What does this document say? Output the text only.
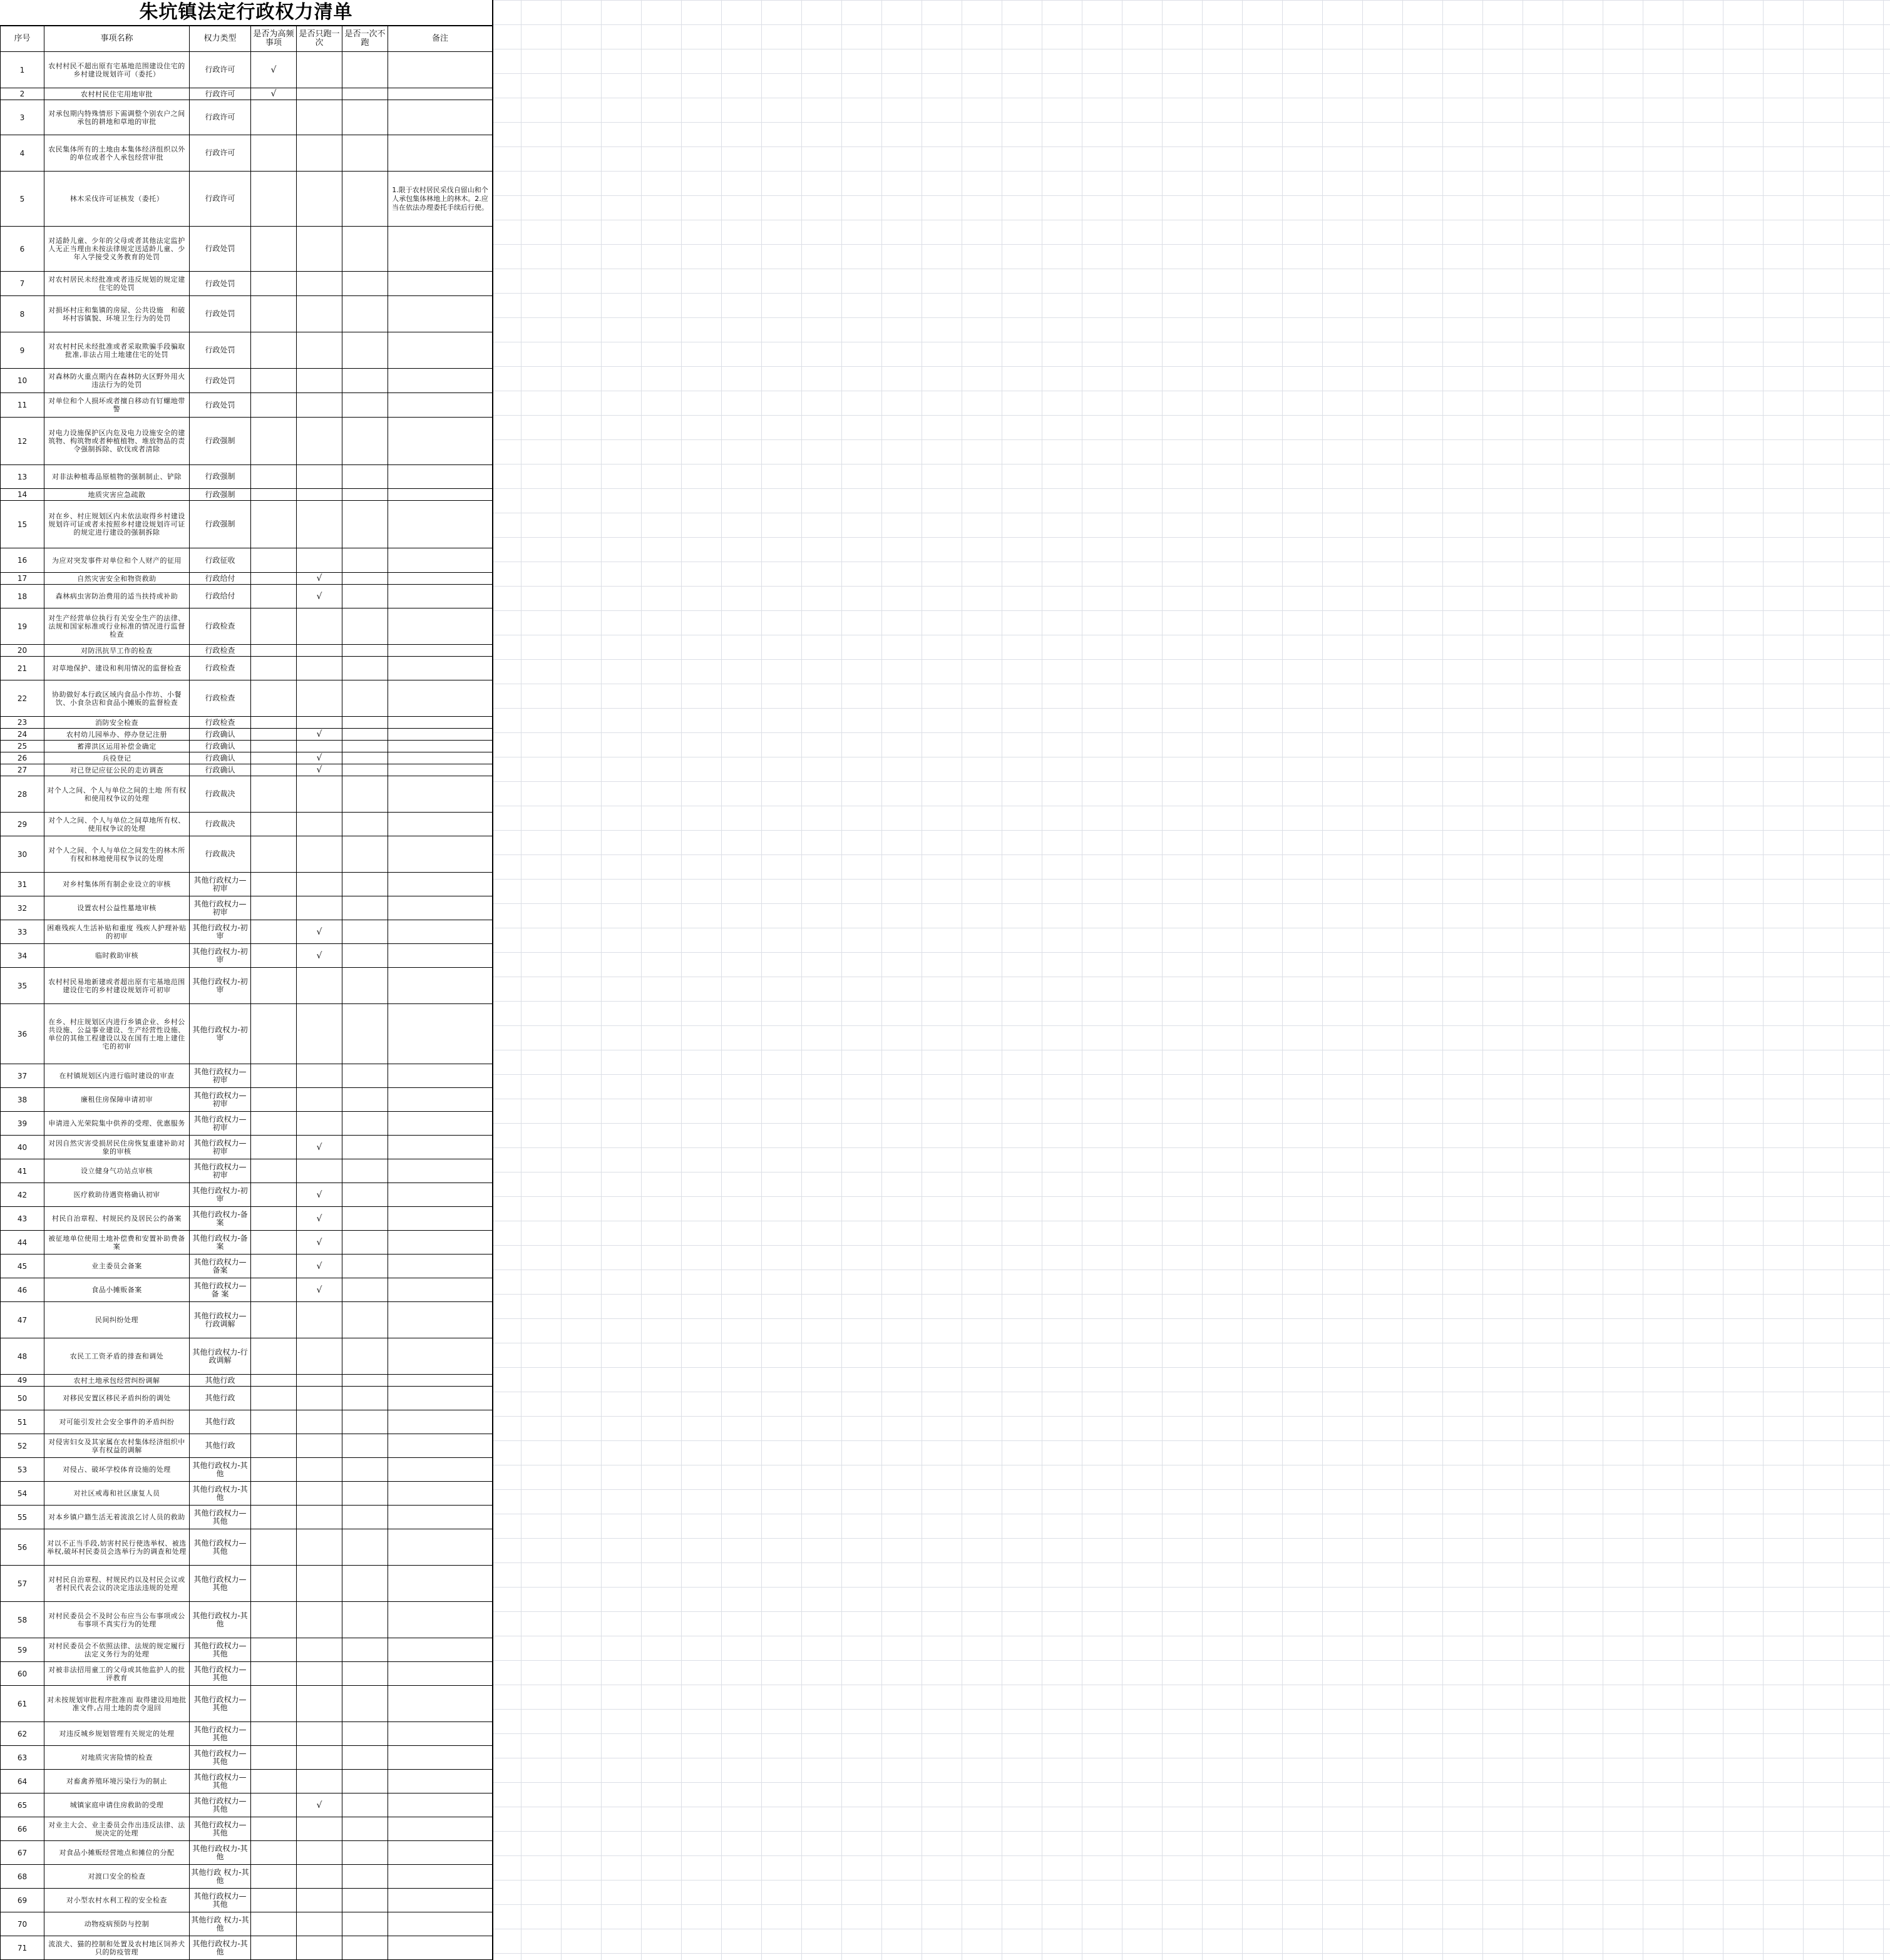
朱坑镇法定行政权力清单
序号	事项名称	权力类型	是否为高频事项	是否只跑一次	是否一次不跑	备注
1	农村村民不超出原有宅基地范围建设住宅的乡村建设规划许可（委托）	行政许可	√			
2	农村村民住宅用地审批	行政许可	√			
3	对承包期内特殊情形下需调整个别农户之间承包的耕地和草地的审批	行政许可				
4	农民集体所有的土地由本集体经济组织以外的单位或者个人承包经营审批	行政许可				
5	林木采伐许可证核发（委托）	行政许可				1.限于农村居民采伐自留山和个人承包集体林地上的林木。2.应当在依法办理委托手续后行使。
6	对适龄儿童、少年的父母或者其他法定监护人无正当理由未按法律规定送适龄儿童、少年入学接受义务教育的处罚	行政处罚				
7	对农村居民未经批准或者违反规划的规定建住宅的处罚	行政处罚				
8	对损坏村庄和集镇的房屋、公共设施　和破坏村容镇貌、环境卫生行为的处罚	行政处罚				
9	对农村村民未经批准或者采取欺骗手段骗取批准,非法占用土地建住宅的处罚	行政处罚				
10	对森林防火重点期内在森林防火区野外用火违法行为的处罚	行政处罚				
11	对单位和个人损坏或者擅自移动有钉螺地带警	行政处罚				
12	对电力设施保护区内危及电力设施安全的建筑物、构筑物或者种植植物、堆放物品的责令强制拆除、砍伐或者清除	行政强制				
13	对非法种植毒品原植物的强制制止、铲除	行政强制				
14	地质灾害应急疏散	行政强制				
15	对在乡、村庄规划区内未依法取得乡村建设规划许可证或者未按照乡村建设规划许可证的规定进行建设的强制拆除	行政强制				
16	为应对突发事件对单位和个人财产的征用	行政征收				
17	自然灾害安全和物资救助	行政给付		√		
18	森林病虫害防治费用的适当扶持或补助	行政给付		√		
19	对生产经营单位执行有关安全生产的法律、法规和国家标准或行业标准的情况进行监督检查	行政检查				
20	对防汛抗旱工作的检查	行政检查				
21	对草地保护、建设和利用情况的监督检查	行政检查				
22	协助做好本行政区域内食品小作坊、小餐饮、小食杂店和食品小摊贩的监督检查	行政检查				
23	消防安全检查	行政检查				
24	农村幼儿园举办、停办登记注册	行政确认		√		
25	蓄滞洪区运用补偿金确定	行政确认				
26	兵役登记	行政确认		√		
27	对已登记应征公民的走访调查	行政确认		√		
28	对个人之间、个人与单位之间的土地 所有权和使用权争议的处理	行政裁决				
29	对个人之间、个人与单位之间草地所有权、使用权争议的处理	行政裁决				
30	对个人之间、个人与单位之间发生的林木所有权和林地使用权争议的处理	行政裁决				
31	对乡村集体所有制企业设立的审核	其他行政权力—初审				
32	设置农村公益性墓地审核	其他行政权力—初审				
33	困难残疾人生活补贴和重度 残疾人护理补贴的初审	其他行政权力-初审		√		
34	临时救助审核	其他行政权力-初审		√		
35	农村村民易地新建或者超出原有宅基地范围建设住宅的乡村建设规划许可初审	其他行政权力-初审				
36	在乡、村庄规划区内进行乡镇企业、乡村公共设施、公益事业建设、生产经营性设施、单位的其他工程建设以及在国有土地上建住宅的初审	其他行政权力-初审				
37	在村镇规划区内进行临时建设的审查	其他行政权力—初审				
38	廉租住房保障申请初审	其他行政权力—初审				
39	申请进入光荣院集中供养的受理、优惠服务	其他行政权力—初审				
40	对因自然灾害受损居民住房恢复重建补助对象的审核	其他行政权力—初审		√		
41	设立健身气功站点审核	其他行政权力—初审				
42	医疗救助待遇资格确认初审	其他行政权力-初审		√		
43	村民自治章程、村规民约及居民公约备案	其他行政权力-备案		√		
44	被征地单位使用土地补偿费和安置补助费备案	其他行政权力-备案		√		
45	业主委员会备案	其他行政权力—备案		√		
46	食品小摊贩备案	其他行政权力—备 案		√		
47	民间纠纷处理	其他行政权力—行政调解				
48	农民工工资矛盾的排查和调处	其他行政权力-行政调解				
49	农村土地承包经营纠纷调解	其他行政				
50	对移民安置区移民矛盾纠纷的调处	其他行政				
51	对可能引发社会安全事件的矛盾纠纷	其他行政				
52	对侵害妇女及其家属在农村集体经济组织中享有权益的调解	其他行政				
53	对侵占、破坏学校体育设施的处理	其他行政权力-其他				
54	对社区戒毒和社区康复人员	其他行政权力-其他				
55	对本乡镇户籍生活无着流浪乞讨人员的救助	其他行政权力—其他				
56	对以不正当手段,妨害村民行使选举权、被选举权,破坏村民委员会选举行为的调查和处理	其他行政权力—其他				
57	对村民自治章程、村规民约以及村民会议或者村民代表会议的决定违法违规的处理	其他行政权力—其他				
58	对村民委员会不及时公布应当公布事项或公布事项不真实行为的处理	其他行政权力-其他				
59	对村民委员会不依照法律、法规的规定履行法定义务行为的处理	其他行政权力—其他				
60	对被非法招用童工的父母或其他监护人的批评教育	其他行政权力—其他				
61	对未按规划审批程序批准而 取得建设用地批准文件,占用土地的责令退回	其他行政权力—其他				
62	对违反城乡规划管理有关规定的处理	其他行政权力—其他				
63	对地质灾害险情的检查	其他行政权力—其他				
64	对畜禽养殖环境污染行为的制止	其他行政权力—其他				
65	城镇家庭申请住房救助的受理	其他行政权力—其他		√		
66	对业主大会、业主委员会作出违反法律、法规决定的处理	其他行政权力—其他				
67	对食品小摊贩经营地点和摊位的分配	其他行政权力-其他				
68	对渡口安全的检查	其他行政 权力-其他				
69	对小型农村水利工程的安全检查	其他行政权力—其他				
70	动物疫病预防与控制	其他行政 权力-其他				
71	流浪犬、猫的控制和处置及农村地区饲养犬只的防疫管理	其他行政权力-其他				
